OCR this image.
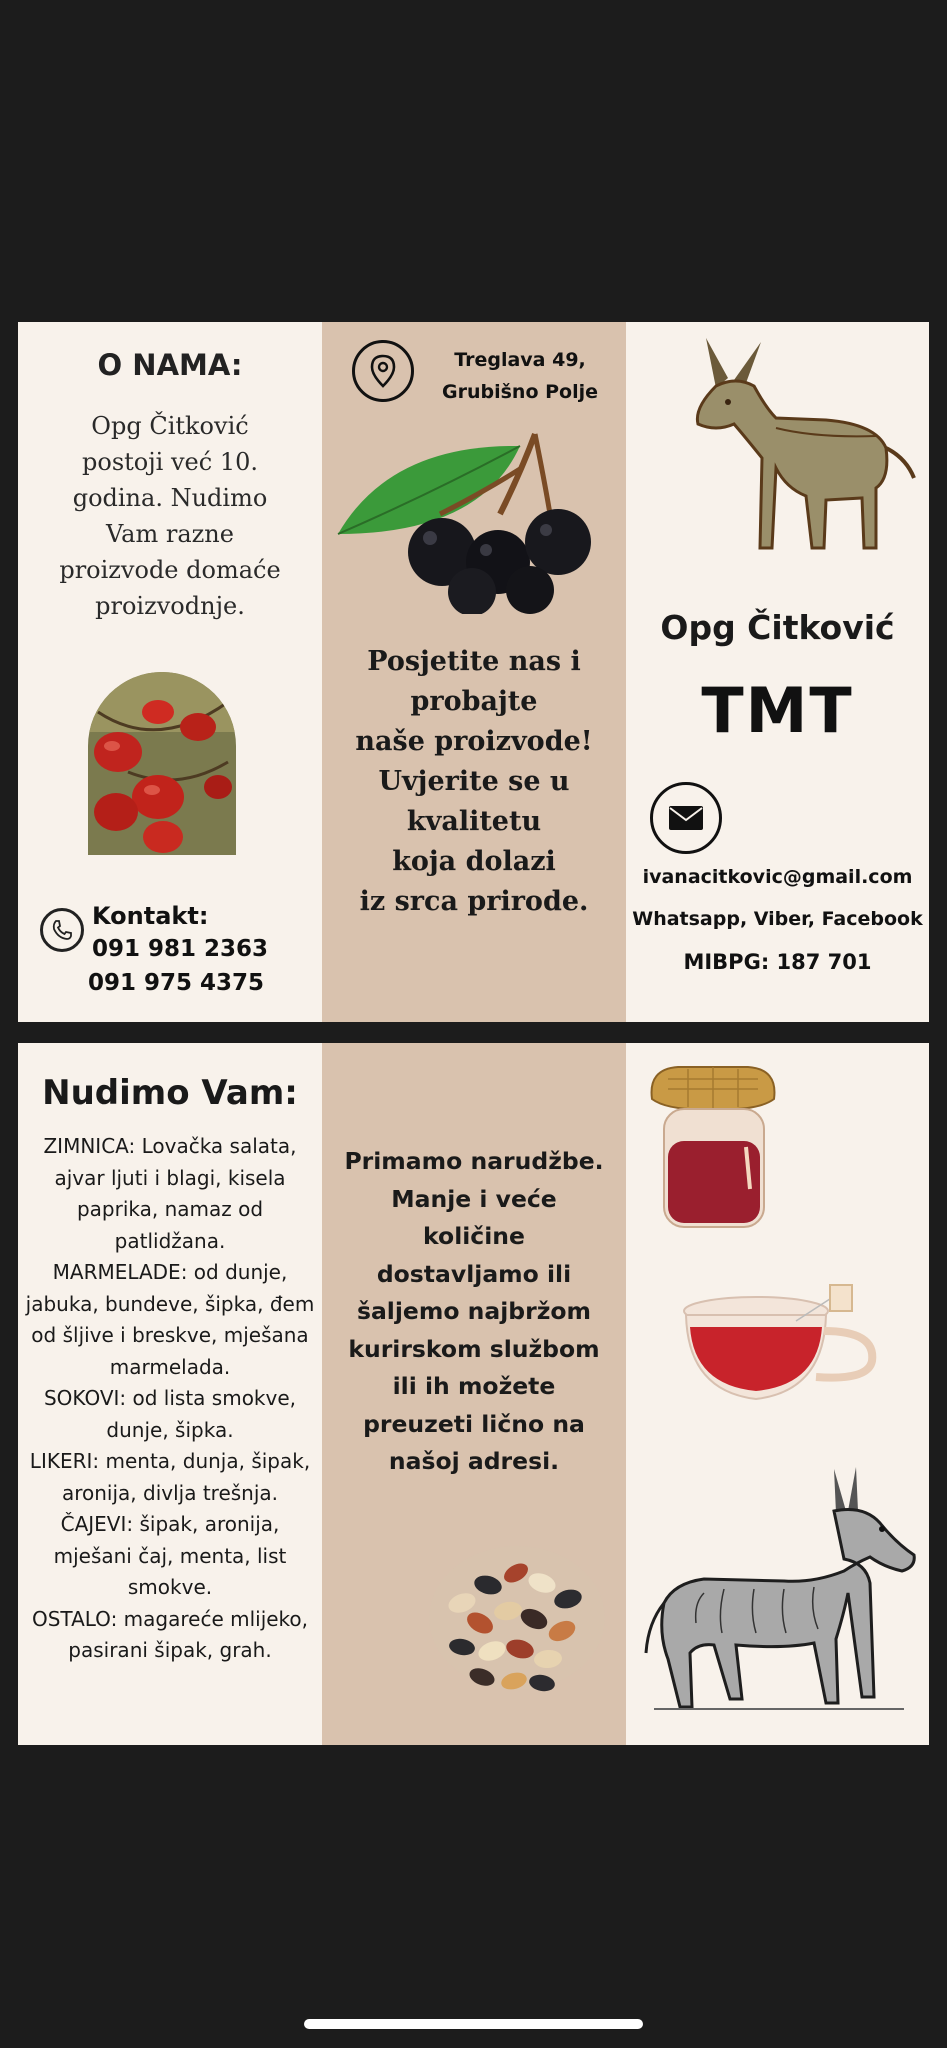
O NAMA:
Opg Čitković postoji već 10. godina. Nudimo Vam razne proizvode domaće proizvodnje.
Kontakt:
091 981 2363
091 975 4375
Treglava 49,
Grubišno Polje
Posjetite nas i
probajte
naše proizvode!
Uvjerite se u
kvalitetu
koja dolazi
iz srca prirode.
Opg Čitković
TMT
ivanacitkovic@gmail.com
Whatsapp, Viber, Facebook
MIBPG: 187 701
Nudimo Vam:

ZIMNICA: Lovačka salata, ajvar ljuti i blagi, kisela paprika, namaz od patlidžana.

MARMELADE: od dunje, jabuka, bundeve, šipka, đem od šljive i breskve, mješana marmelada.

SOKOVI: od lista smokve, dunje, šipka.

LIKERI: menta, dunja, šipak, aronija, divlja trešnja.

ČAJEVI: šipak, aronija, mješani čaj, menta, list smokve.

OSTALO: magareće mlijeko, pasirani šipak, grah.

Primamo narudžbe.
Manje i veće
količine
dostavljamo ili
šaljemo najbržom
kurirskom službom
ili ih možete
preuzeti lično na
našoj adresi.
